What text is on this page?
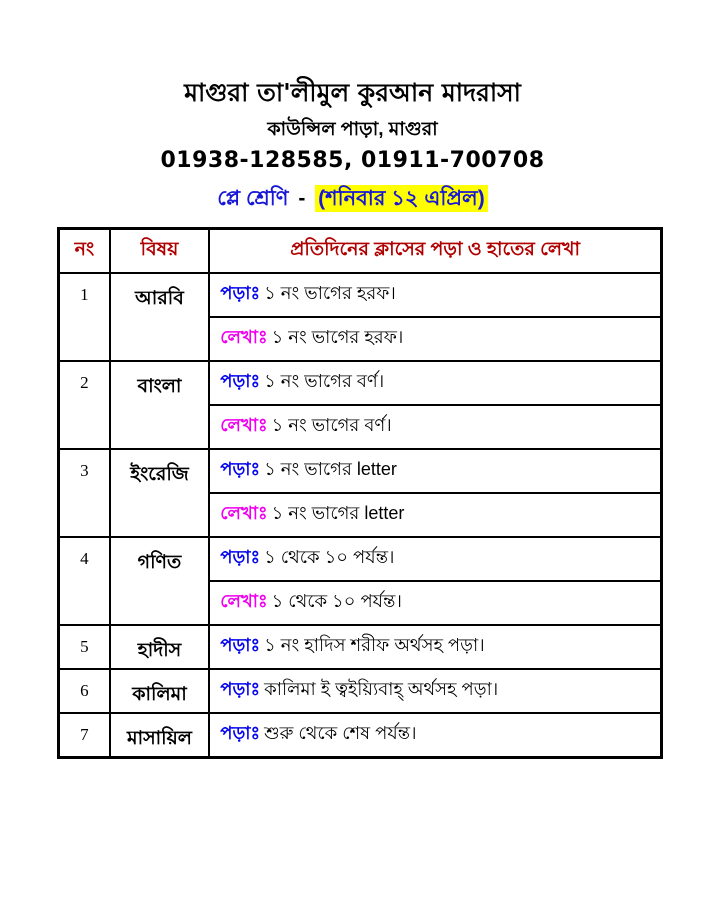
মাগুরা তা'লীমুল কুরআন মাদরাসা
কাউন্সিল পাড়া, মাগুরা
01938-128585, 01911-700708
প্লে শ্রেণি - (শনিবার ১২ এপ্রিল)
নং	বিষয়	প্রতিদিনের ক্লাসের পড়া ও হাতের লেখা
1	আরবি	পড়াঃ ১ নং ভাগের হরফ।
		লেখাঃ ১ নং ভাগের হরফ।
2	বাংলা	পড়াঃ ১ নং ভাগের বর্ণ।
		লেখাঃ ১ নং ভাগের বর্ণ।
3	ইংরেজি	পড়াঃ ১ নং ভাগের letter
		লেখাঃ ১ নং ভাগের letter
4	গণিত	পড়াঃ ১ থেকে ১০ পর্যন্ত।
		লেখাঃ ১ থেকে ১০ পর্যন্ত।
5	হাদীস	পড়াঃ ১ নং হাদিস শরীফ অর্থসহ পড়া।
6	কালিমা	পড়াঃ কালিমা ই ত্বইয়্যিবাহ্ অর্থসহ পড়া।
7	মাসায়িল	পড়াঃ শুরু থেকে শেষ পর্যন্ত।
